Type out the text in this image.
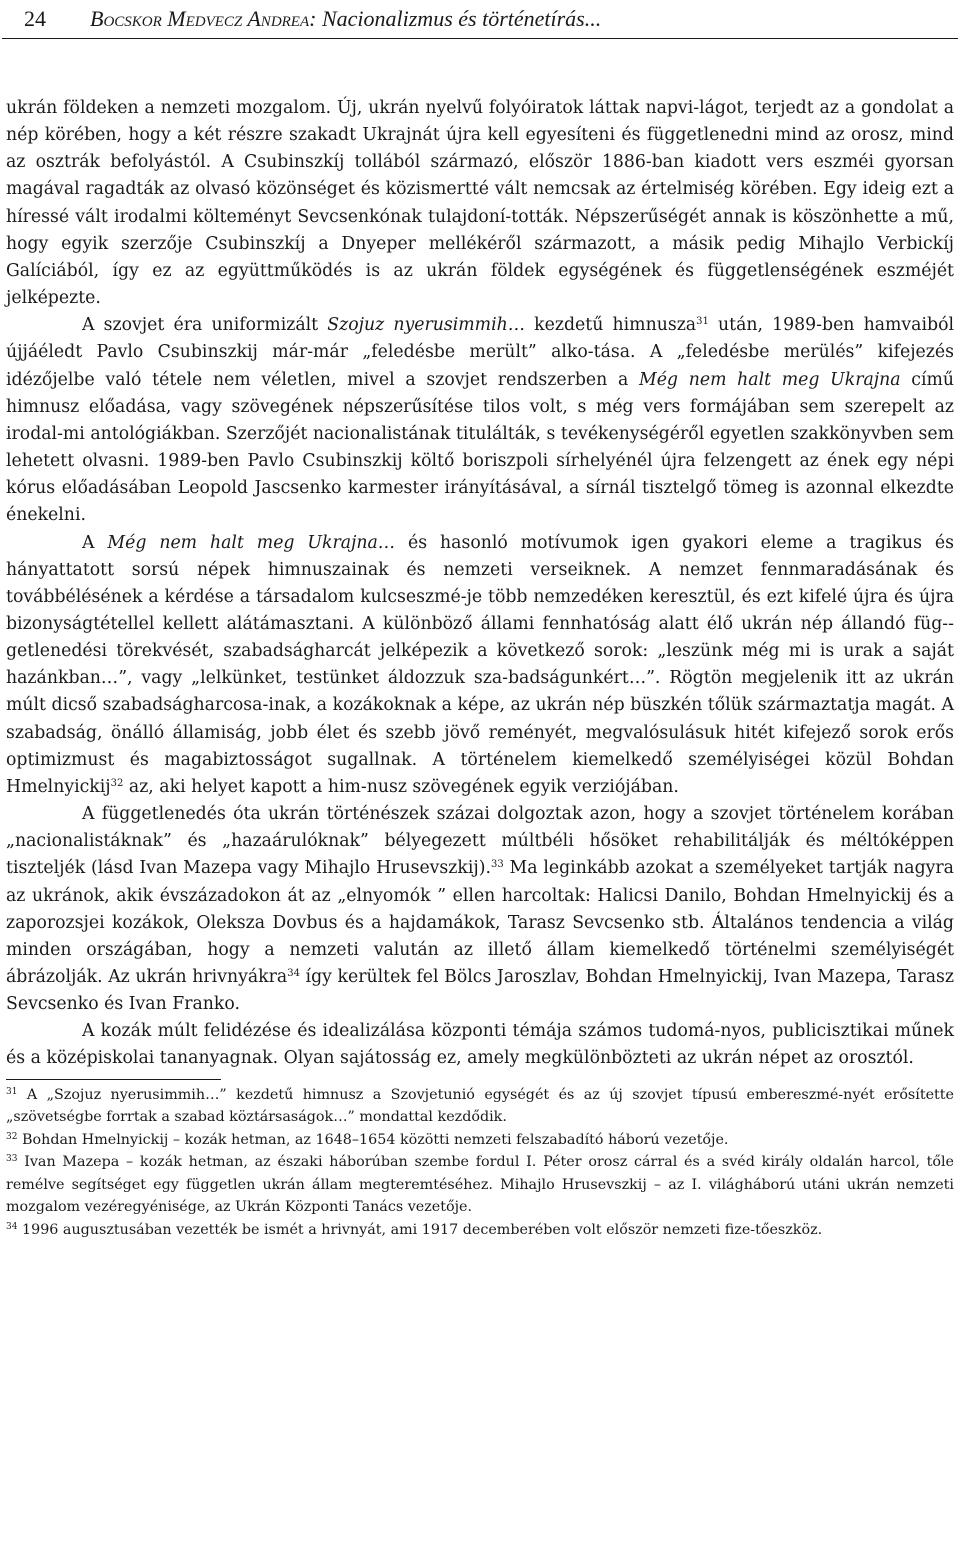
24 Bocskor Medvecz Andrea: Nacionalizmus és történetírás...

ukrán földeken a nemzeti mozgalom. Új, ukrán nyelvű folyóiratok láttak napvi-lágot, terjedt az a gondolat a nép körében, hogy a két részre szakadt Ukrajnát újra kell egyesíteni és függetlenedni mind az orosz, mind az osztrák befolyástól. A Csubinszkíj tollából származó, először 1886-ban kiadott vers eszméi gyorsan magával ragadták az olvasó közönséget és közismertté vált nemcsak az értelmiség körében. Egy ideig ezt a híressé vált irodalmi költeményt Sevcsenkónak tulajdoní-tották. Népszerűségét annak is köszönhette a mű, hogy egyik szerzője Csubinszkíj a Dnyeper mellékéről származott, a másik pedig Mihajlo Verbickíj Galíciából, így ez az együttműködés is az ukrán földek egységének és függetlenségének eszméjét jelképezte.

A szovjet éra uniformizált Szojuz nyerusimmih… kezdetű himnusza$^{31}$ után, 1989-ben hamvaiból újjáéledt Pavlo Csubinszkij már-már „feledésbe merült” alko-tása. A „feledésbe merülés” kifejezés idézőjelbe való tétele nem véletlen, mivel a szovjet rendszerben a Még nem halt meg Ukrajna című himnusz előadása, vagy szövegének népszerűsítése tilos volt, s még vers formájában sem szerepelt az irodal-mi antológiákban. Szerzőjét nacionalistának titulálták, s tevékenységéről egyetlen szakkönyvben sem lehetett olvasni. 1989-ben Pavlo Csubinszkij költő boriszpoli sírhelyénél újra felzengett az ének egy népi kórus előadásában Leopold Jascsenko karmester irányításával, a sírnál tisztelgő tömeg is azonnal elkezdte énekelni.

A Még nem halt meg Ukrajna… és hasonló motívumok igen gyakori eleme a tragikus és hányattatott sorsú népek himnuszainak és nemzeti verseiknek. A nemzet fennmaradásának és továbbélésének a kérdése a társadalom kulcseszmé-je több nemzedéken keresztül, és ezt kifelé újra és újra bizonyságtétellel kellett alátámasztani. A különböző állami fennhatóság alatt élő ukrán nép állandó füg-getlenedési törekvését, szabadságharcát jelképezik a következő sorok: „leszünk még mi is urak a saját hazánkban…”, vagy „lelkünket, testünket áldozzuk sza-badságunkért…”. Rögtön megjelenik itt az ukrán múlt dicső szabadságharcosa-inak, a kozákoknak a képe, az ukrán nép büszkén tőlük származtatja magát. A szabadság, önálló államiság, jobb élet és szebb jövő reményét, megvalósulásuk hitét kifejező sorok erős optimizmust és magabiztosságot sugallnak. A történelem kiemelkedő személyiségei közül Bohdan Hmelnyickij$^{32}$ az, aki helyet kapott a him-nusz szövegének egyik verziójában.

A függetlenedés óta ukrán történészek százai dolgoztak azon, hogy a szovjet történelem korában „nacionalistáknak” és „hazaárulóknak” bélyegezett múltbéli hősöket rehabilitálják és méltóképpen tiszteljék (lásd Ivan Mazepa vagy Mihajlo Hrusevszkij).$^{33}$ Ma leginkább azokat a személyeket tartják nagyra az ukránok, akik évszázadokon át az „elnyomók ” ellen harcoltak: Halicsi Danilo, Bohdan Hmelnyickij és a zaporozsjei kozákok, Oleksza Dovbus és a hajdamákok, Tarasz Sevcsenko stb. Általános tendencia a világ minden országában, hogy a nemzeti valután az illető állam kiemelkedő történelmi személyiségét ábrázolják. Az ukrán hrivnyákra$^{34}$ így kerültek fel Bölcs Jaroszlav, Bohdan Hmelnyickij, Ivan Mazepa, Tarasz Sevcsenko és Ivan Franko.

A kozák múlt felidézése és idealizálása központi témája számos tudomá-nyos, publicisztikai műnek és a középiskolai tananyagnak. Olyan sajátosság ez, amely megkülönbözteti az ukrán népet az orosztól.

$^{31}$ A „Szojuz nyerusimmih…” kezdetű himnusz a Szovjetunió egységét és az új szovjet típusú embereszmé-nyét erősítette „szövetségbe forrtak a szabad köztársaságok…” mondattal kezdődik.

$^{32}$ Bohdan Hmelnyickij – kozák hetman, az 1648–1654 közötti nemzeti felszabadító háború vezetője.

$^{33}$ Ivan Mazepa – kozák hetman, az északi háborúban szembe fordul I. Péter orosz cárral és a svéd király oldalán harcol, tőle remélve segítséget egy független ukrán állam megteremtéséhez. Mihajlo Hrusevszkij – az I. világháború utáni ukrán nemzeti mozgalom vezéregyénisége, az Ukrán Központi Tanács vezetője.

$^{34}$ 1996 augusztusában vezették be ismét a hrivnyát, ami 1917 decemberében volt először nemzeti fize-tőeszköz.
